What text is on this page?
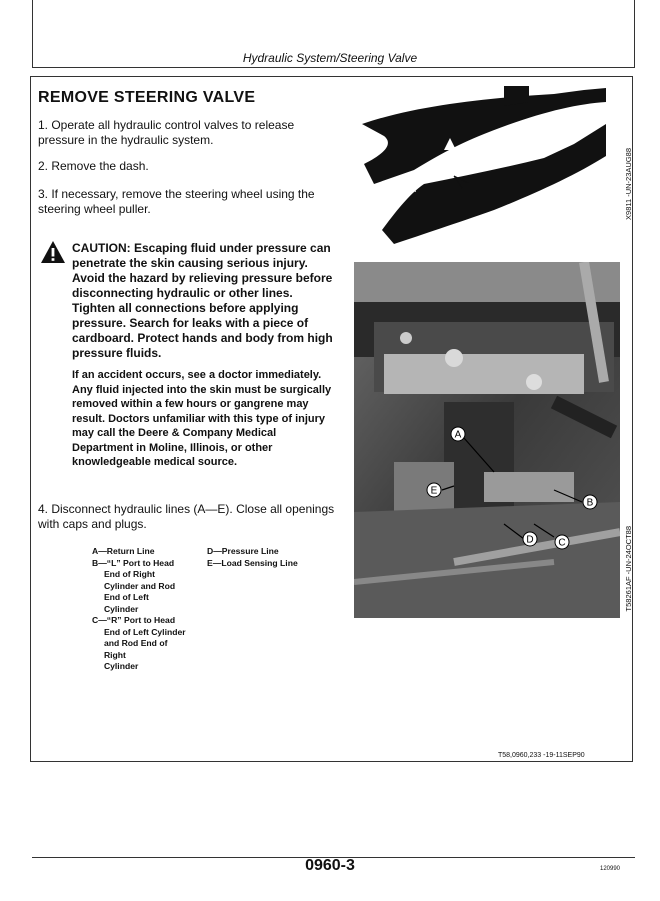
Hydraulic System/Steering Valve
REMOVE STEERING VALVE
1. Operate all hydraulic control valves to release pressure in the hydraulic system.
2. Remove the dash.
3. If necessary, remove the steering wheel using the steering wheel puller.
CAUTION: Escaping fluid under pressure can penetrate the skin causing serious injury. Avoid the hazard by relieving pressure before disconnecting hydraulic or other lines. Tighten all connections before applying pressure. Search for leaks with a piece of cardboard. Protect hands and body from high pressure fluids.
If an accident occurs, see a doctor immediately. Any fluid injected into the skin must be surgically removed within a few hours or gangrene may result. Doctors unfamiliar with this type of injury may call the Deere & Company Medical Department in Moline, Illinois, or other knowledgeable medical source.
4. Disconnect hydraulic lines (A—E). Close all openings with caps and plugs.
A—Return Line
B—“L” Port to Head
End of Right
Cylinder and Rod
End of Left
Cylinder
C—“R” Port to Head
End of Left Cylinder
and Rod End of
Right
Cylinder
D—Pressure Line
E—Load Sensing Line
X9811 -UN-23AUG88
A
B
C
D
E
T58261AF -UN-24OCT88
T58,0960,233 -19-11SEP90
0960-3	120990
